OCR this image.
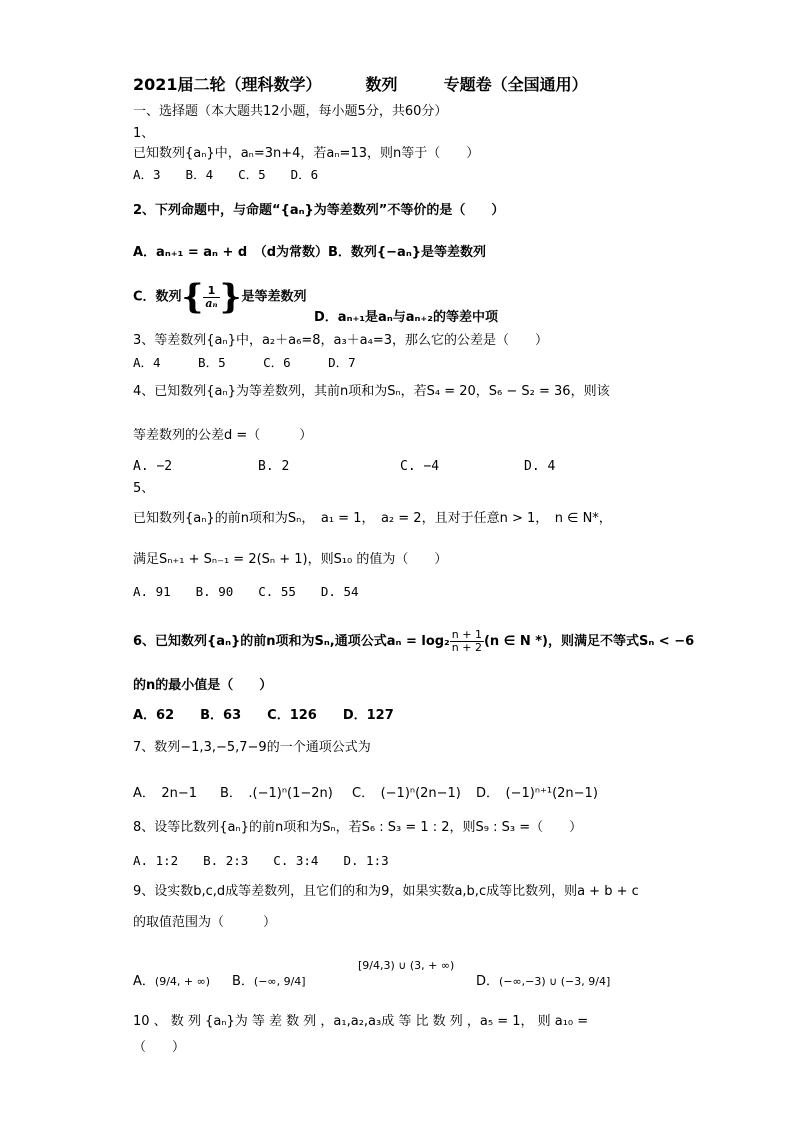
2021届二轮（理科数学）	数列	专题卷（全国通用）
一、选择题（本大题共12小题，每小题5分，共60分）
1、
已知数列{aₙ}中，aₙ=3n+4，若aₙ=13，则n等于（　　）
A．3　　B．4　　C．5　　D．6
2、下列命题中，与命题“{aₙ}为等差数列”不等价的是（　　）
A．aₙ₊₁ = aₙ + d　（d为常数） B．数列{−aₙ}是等差数列
C．数列{ $\frac{1}{\text{aₙ}}$ }是等差数列
D．aₙ₊₁是aₙ与aₙ₊₂的等差中项
3、等差数列{aₙ}中，a₂＋a₆=8，a₃＋a₄=3，那么它的公差是（　　）
A．4　　　B．5　　　C．6　　　D．7
4、已知数列{aₙ}为等差数列，其前n项和为Sₙ，若S₄ = 20，S₆ − S₂ = 36，则该
等差数列的公差d =（　　　）
A. −2	B. 2	C. −4	D. 4
5、
已知数列{aₙ}的前n项和为Sₙ，　a₁ = 1，　a₂ = 2，且对于任意n > 1，　n ∈ N*，
满足Sₙ₊₁ + Sₙ₋₁ = 2(Sₙ + 1)，则S₁₀ 的值为（　　）
A. 91　　B. 90　　C. 55　　D. 54
6、已知数列{aₙ}的前n项和为Sₙ,通项公式$a_n = \log_2 \frac{n + 1}{n + 2} (n$ ∈ N *)，则满足不等式Sₙ < −6
的n的最小值是（　　）
A．62　　B．63　　C．126　　D．127
7、数列−1,3,−5,7−9的一个通项公式为
A．　2n−1 B．　.(−1)ⁿ(1−2n) C．　(−1)ⁿ(2n−1) D．　(−1)ⁿ⁺¹(2n−1)
8、设等比数列{aₙ}的前n项和为Sₙ，若S₆ : S₃ = 1 : 2，则S₉ : S₃ =（　　）
A. 1:2　　B. 2:3　　C. 3:4　　D. 1:3
9、设实数b,c,d成等差数列，且它们的和为9，如果实数a,b,c成等比数列，则a + b + c
的取值范围为（　　　）
A．(9/4, + ∞) B．(−∞, 9/4]
[9/4,3) ∪ (3, + ∞)
D．(−∞,−3) ∪ (−3, 9/4]
10 、 数 列 {aₙ}为 等 差 数 列 ，a₁,a₂,a₃成 等 比 数 列 ，a₅ = 1， 则 a₁₀ =
（　　）
